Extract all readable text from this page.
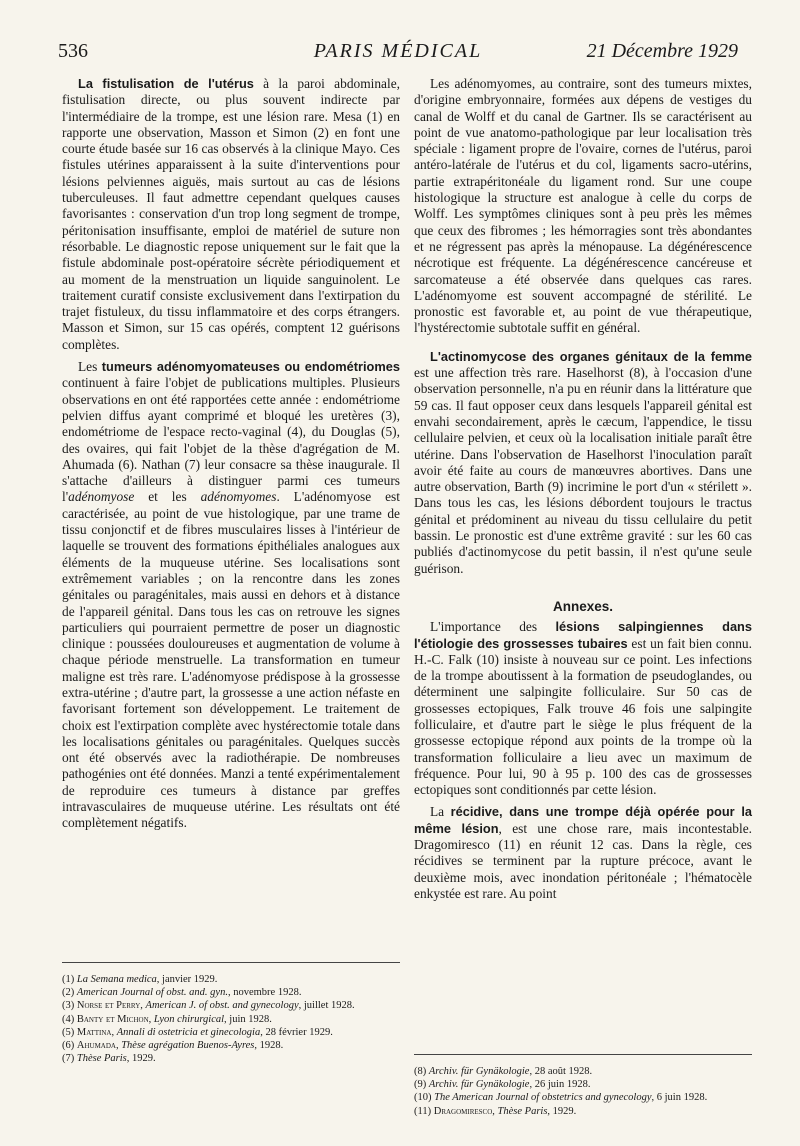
536	PARIS MÉDICAL	21 Décembre 1929

La fistulisation de l'utérus à la paroi abdominale, fistulisation directe, ou plus souvent indirecte par l'intermédiaire de la trompe, est une lésion rare. Mesa (1) en rapporte une observation, Masson et Simon (2) en font une courte étude basée sur 16 cas observés à la clinique Mayo. Ces fistules utérines apparaissent à la suite d'interventions pour lésions pelviennes aiguës, mais surtout au cas de lésions tuberculeuses. Il faut admettre cependant quelques causes favorisantes : conservation d'un trop long segment de trompe, péritonisation insuffisante, emploi de matériel de suture non résorbable. Le diagnostic repose uniquement sur le fait que la fistule abdominale post-opératoire sécrète périodiquement et au moment de la menstruation un liquide sanguinolent. Le traitement curatif consiste exclusivement dans l'extirpation du trajet fistuleux, du tissu inflammatoire et des corps étrangers. Masson et Simon, sur 15 cas opérés, comptent 12 guérisons complètes.

Les tumeurs adénomyomateuses ou endométriomes continuent à faire l'objet de publications multiples. Plusieurs observations en ont été rapportées cette année : endométriome pelvien diffus ayant comprimé et bloqué les uretères (3), endométriome de l'espace recto-vaginal (4), du Douglas (5), des ovaires, qui fait l'objet de la thèse d'agrégation de M. Ahumada (6). Nathan (7) leur consacre sa thèse inaugurale. Il s'attache d'ailleurs à distinguer parmi ces tumeurs l'adénomyose et les adénomyomes. L'adénomyose est caractérisée, au point de vue histologique, par une trame de tissu conjonctif et de fibres musculaires lisses à l'intérieur de laquelle se trouvent des formations épithéliales analogues aux éléments de la muqueuse utérine. Ses localisations sont extrêmement variables ; on la rencontre dans les zones génitales ou paragénitales, mais aussi en dehors et à distance de l'appareil génital. Dans tous les cas on retrouve les signes particuliers qui pourraient permettre de poser un diagnostic clinique : poussées douloureuses et augmentation de volume à chaque période menstruelle. La transformation en tumeur maligne est très rare. L'adénomyose prédispose à la grossesse extra-utérine ; d'autre part, la grossesse a une action néfaste en favorisant fortement son développement. Le traitement de choix est l'extirpation complète avec hystérectomie totale dans les localisations génitales ou paragénitales. Quelques succès ont été observés avec la radiothérapie. De nombreuses pathogénies ont été données. Manzi a tenté expérimentalement de reproduire ces tumeurs à distance par greffes intravasculaires de muqueuse utérine. Les résultats ont été complètement négatifs.

(1) La Semana medica, janvier 1929.

(2) American Journal of obst. and. gyn., novembre 1928.

(3) Norse et Perry, American J. of obst. and gynecology, juillet 1928.

(4) Banty et Michon, Lyon chirurgical, juin 1928.

(5) Mattina, Annali di ostetricia et ginecologia, 28 février 1929.

(6) Ahumada, Thèse agrégation Buenos-Ayres, 1928.

(7) Thèse Paris, 1929.

Les adénomyomes, au contraire, sont des tumeurs mixtes, d'origine embryonnaire, formées aux dépens de vestiges du canal de Wolff et du canal de Gartner. Ils se caractérisent au point de vue anatomo-pathologique par leur localisation très spéciale : ligament propre de l'ovaire, cornes de l'utérus, paroi antéro-latérale de l'utérus et du col, ligaments sacro-utérins, partie extrapéritonéale du ligament rond. Sur une coupe histologique la structure est analogue à celle du corps de Wolff. Les symptômes cliniques sont à peu près les mêmes que ceux des fibromes ; les hémorragies sont très abondantes et ne régressent pas après la ménopause. La dégénérescence nécrotique est fréquente. La dégénérescence cancéreuse et sarcomateuse a été observée dans quelques cas rares. L'adénomyome est souvent accompagné de stérilité. Le pronostic est favorable et, au point de vue thérapeutique, l'hystérectomie subtotale suffit en général.

L'actinomycose des organes génitaux de la femme est une affection très rare. Haselhorst (8), à l'occasion d'une observation personnelle, n'a pu en réunir dans la littérature que 59 cas. Il faut opposer ceux dans lesquels l'appareil génital est envahi secondairement, après le cæcum, l'appendice, le tissu cellulaire pelvien, et ceux où la localisation initiale paraît être utérine. Dans l'observation de Haselhorst l'inoculation paraît avoir été faite au cours de manœuvres abortives. Dans une autre observation, Barth (9) incrimine le port d'un « stérilett ». Dans tous les cas, les lésions débordent toujours le tractus génital et prédominent au niveau du tissu cellulaire du petit bassin. Le pronostic est d'une extrême gravité : sur les 60 cas publiés d'actinomycose du petit bassin, il n'est qu'une seule guérison.

Annexes.

L'importance des lésions salpingiennes dans l'étiologie des grossesses tubaires est un fait bien connu. H.-C. Falk (10) insiste à nouveau sur ce point. Les infections de la trompe aboutissent à la formation de pseudoglandes, ou déterminent une salpingite folliculaire. Sur 50 cas de grossesses ectopiques, Falk trouve 46 fois une salpingite folliculaire, et d'autre part le siège le plus fréquent de la grossesse ectopique répond aux points de la trompe où la transformation folliculaire a lieu avec un maximum de fréquence. Pour lui, 90 à 95 p. 100 des cas de grossesses ectopiques sont conditionnés par cette lésion.

La récidive, dans une trompe déjà opérée pour la même lésion, est une chose rare, mais incontestable. Dragomiresco (11) en réunit 12 cas. Dans la règle, ces récidives se terminent par la rupture précoce, avant le deuxième mois, avec inondation péritonéale ; l'hématocèle enkystée est rare. Au point

(8) Archiv. für Gynäkologie, 28 août 1928.

(9) Archiv. für Gynäkologie, 26 juin 1928.

(10) The American Journal of obstetrics and gynecology, 6 juin 1928.

(11) Dragomiresco, Thèse Paris, 1929.
